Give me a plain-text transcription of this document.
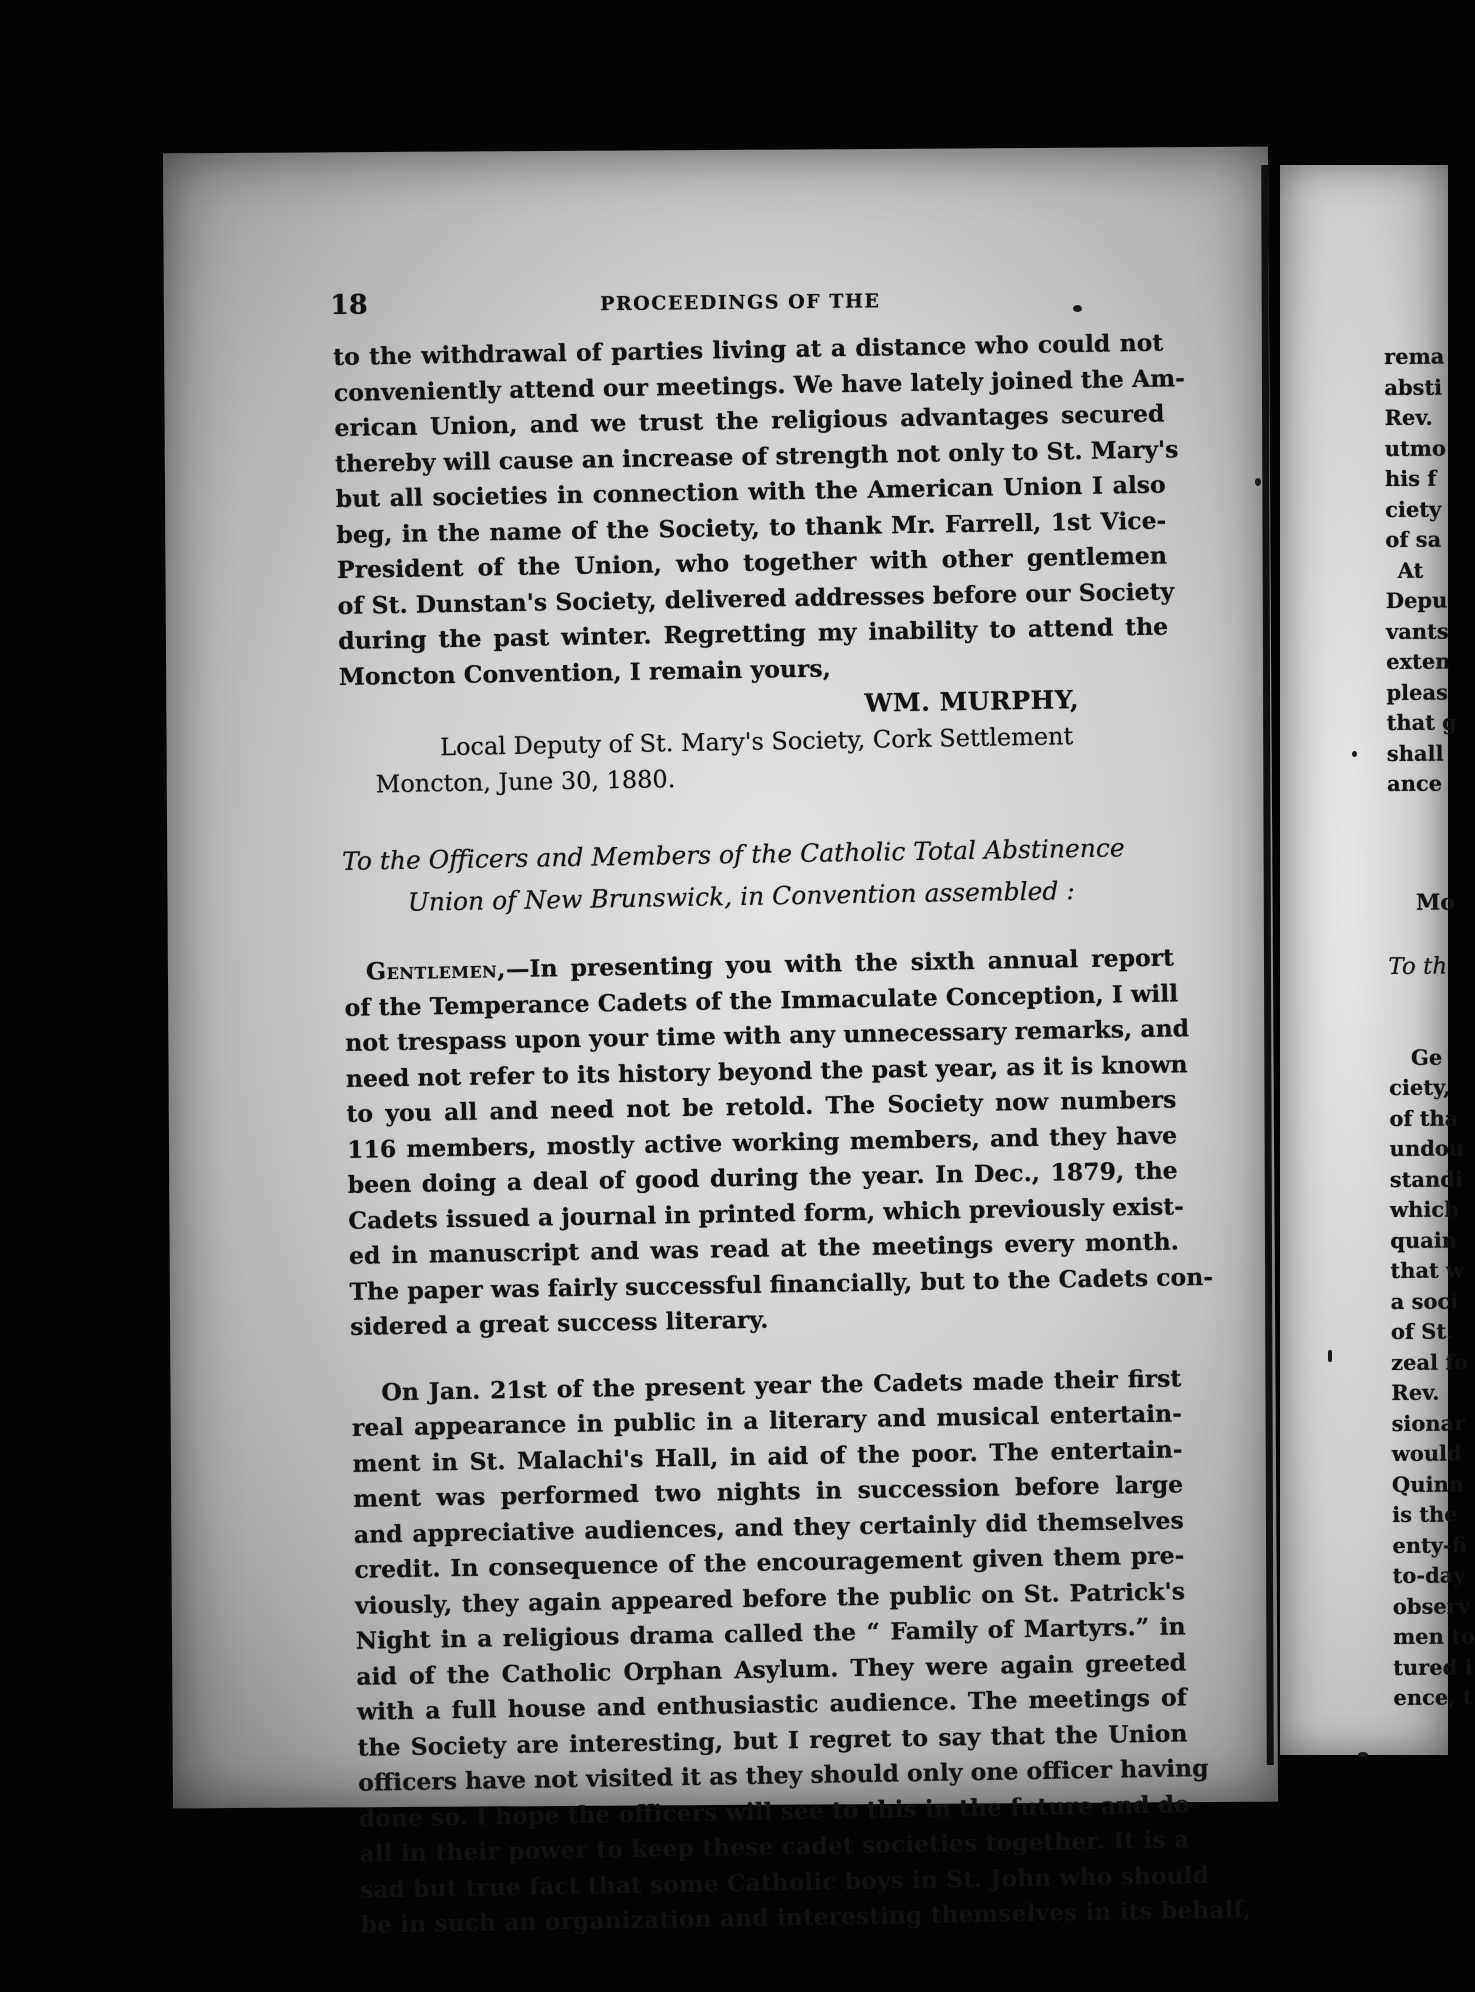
18	PROCEEDINGS OF THE
to the withdrawal of parties living at a distance who could not
conveniently attend our meetings. We have lately joined the Am-
erican Union, and we trust the religious advantages secured
thereby will cause an increase of strength not only to St. Mary's
but all societies in connection with the American Union I also
beg, in the name of the Society, to thank Mr. Farrell, 1st Vice-
President of the Union, who together with other gentlemen
of St. Dunstan's Society, delivered addresses before our Society
during the past winter. Regretting my inability to attend the
Moncton Convention, I remain yours,
WM. MURPHY,
Local Deputy of St. Mary's Society, Cork Settlement
Moncton, June 30, 1880.
To the Officers and Members of the Catholic Total Abstinence
Union of New Brunswick, in Convention assembled :
Gentlemen,—In presenting you with the sixth annual report
of the Temperance Cadets of the Immaculate Conception, I will
not trespass upon your time with any unnecessary remarks, and
need not refer to its history beyond the past year, as it is known
to you all and need not be retold. The Society now numbers
116 members, mostly active working members, and they have
been doing a deal of good during the year. In Dec., 1879, the
Cadets issued a journal in printed form, which previously exist-
ed in manuscript and was read at the meetings every month.
The paper was fairly successful financially, but to the Cadets con-
sidered a great success literary.
On Jan. 21st of the present year the Cadets made their first
real appearance in public in a literary and musical entertain-
ment in St. Malachi's Hall, in aid of the poor. The entertain-
ment was performed two nights in succession before large
and appreciative audiences, and they certainly did themselves
credit. In consequence of the encouragement given them pre-
viously, they again appeared before the public on St. Patrick's
Night in a religious drama called the “ Family of Martyrs.” in
aid of the Catholic Orphan Asylum. They were again greeted
with a full house and enthusiastic audience. The meetings of
the Society are interesting, but I regret to say that the Union
officers have not visited it as they should only one officer having
done so. I hope the officers will see to this in the future and do
all in their power to keep these cadet societies together. It is a
sad but true fact that some Catholic boys in St. John who should
be in such an organization and interesting themselves in its behalf,
rema
absti
Rev.
utmo
his f
ciety
of sa
At
Depu
vants
exten
pleas
that g
shall
ance
Mo
To th
Ge
ciety,
of tha
undou
standi
which
quain
that w
a soci
of St.
zeal fo
Rev.
sionar
would
Quinn
is the
enty-fi
to-day
observ
men to
tured i
ence, t
